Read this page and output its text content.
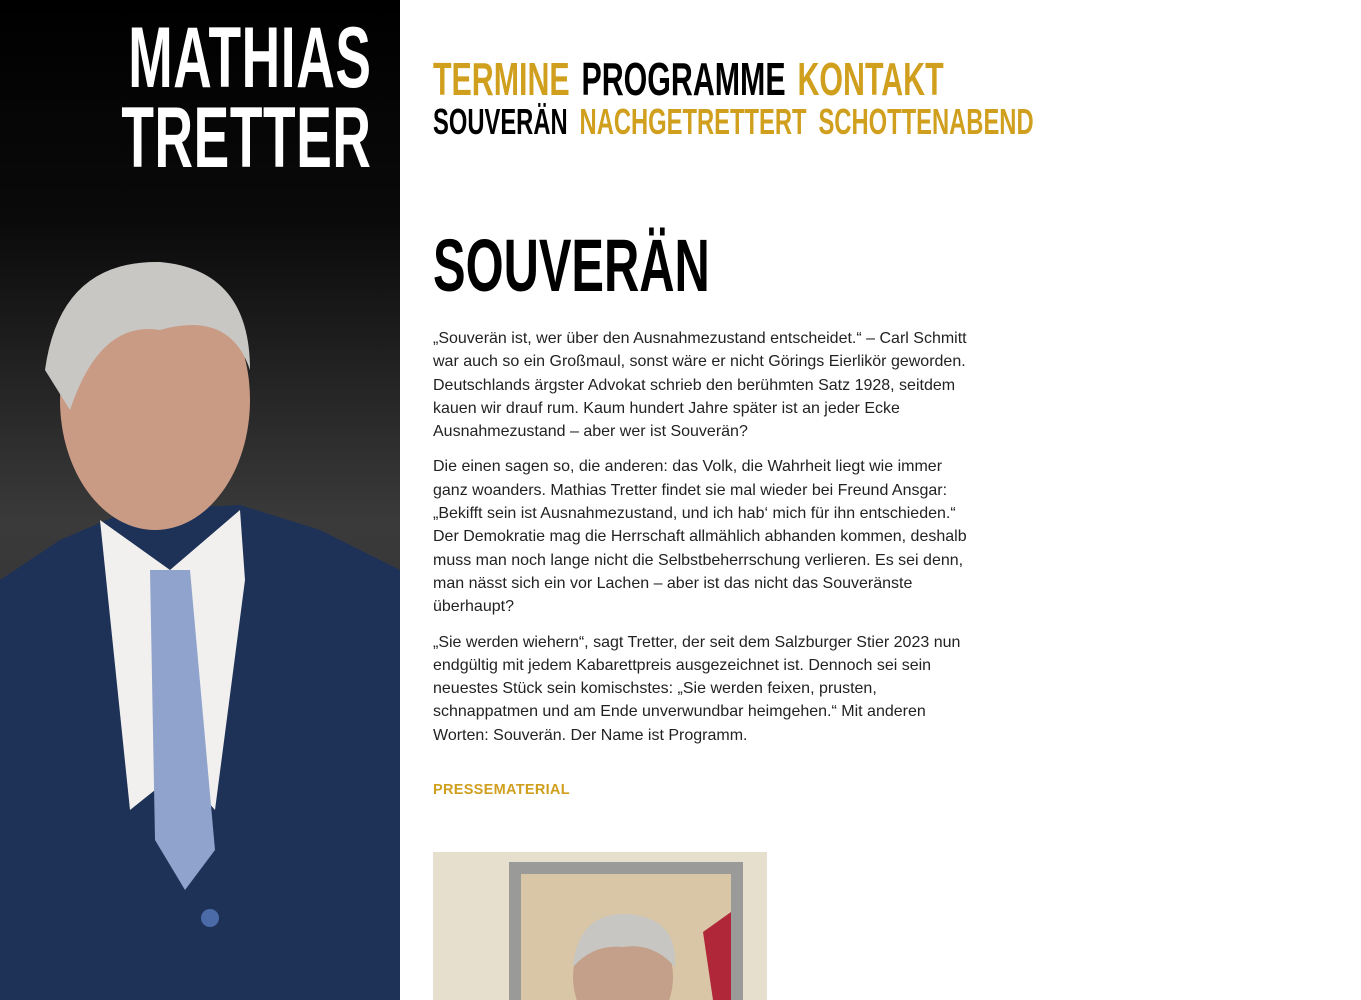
MATHIAS
TRETTER
TERMINE PROGRAMME KONTAKT
SOUVERÄN NACHGETRETTERT SCHOTTENABEND
SOUVERÄN

„Souverän ist, wer über den Ausnahmezustand entscheidet.“ – Carl Schmitt war auch so ein Großmaul, sonst wäre er nicht Görings Eierlikör geworden. Deutschlands ärgster Advokat schrieb den berühmten Satz 1928, seitdem kauen wir drauf rum. Kaum hundert Jahre später ist an jeder Ecke Ausnahmezustand – aber wer ist Souverän?

Die einen sagen so, die anderen: das Volk, die Wahrheit liegt wie immer ganz woanders. Mathias Tretter findet sie mal wieder bei Freund Ansgar: „Bekifft sein ist Ausnahmezustand, und ich hab‘ mich für ihn entschieden.“ Der Demokratie mag die Herrschaft allmählich abhanden kommen, deshalb muss man noch lange nicht die Selbstbeherrschung verlieren. Es sei denn, man nässt sich ein vor Lachen – aber ist das nicht das Souveränste überhaupt?

„Sie werden wiehern“, sagt Tretter, der seit dem Salzburger Stier 2023 nun endgültig mit jedem Kabarettpreis ausgezeichnet ist. Dennoch sei sein neuestes Stück sein komischstes: „Sie werden feixen, prusten, schnappatmen und am Ende unverwundbar heimgehen.“ Mit anderen Worten: Souverän. Der Name ist Programm.

PRESSEMATERIAL
